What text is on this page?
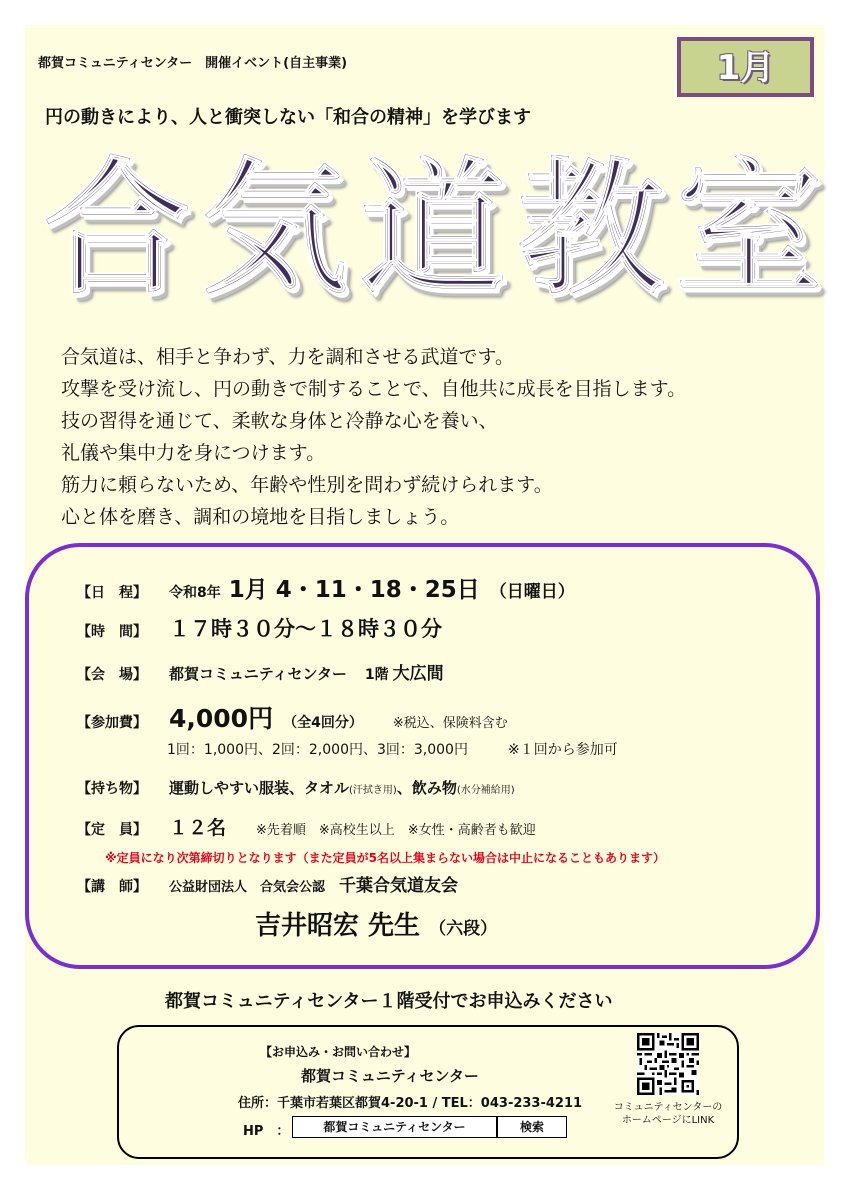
都賀コミュニティセンター　開催イベント(自主事業)	1月
円の動きにより、人と衝突しない「和合の精神」を学びます
合気道教室
合気道は、相手と争わず、力を調和させる武道です。
攻撃を受け流し、円の動きで制することで、自他共に成長を目指します。
技の習得を通じて、柔軟な身体と冷静な心を養い、
礼儀や集中力を身につけます。
筋力に頼らないため、年齢や性別を問わず続けられます。
心と体を磨き、調和の境地を目指しましょう。
【日　程】	令和8年 1月 4・11・18・25日 （日曜日）
【時　間】	１７時３０分～１８時３０分
【会　場】	都賀コミュニティセンター 1階 大広間
【参加費】 4,000円 （全4回分） ※税込、保険料含む
1回：1,000円、2回：2,000円、3回：3,000円	※１回から参加可
【持ち物】	運動しやすい服装、タオル (汗拭き用) 、飲み物 (水分補給用)
【定　員】	１２名 ※先着順　※高校生以上　※女性・高齢者も歓迎
※定員になり次第締切りとなります（また定員が5名以上集まらない場合は中止になることもあります）
【講　師】	公益財団法人　合気会公認 千葉合気道友会
吉井昭宏 先生 （六段）
都賀コミュニティセンター１階受付でお申込みください
【お申込み・お問い合わせ】
都賀コミュニティセンター
住所：千葉市若葉区都賀4-20-1 / TEL：043-233-4211
HP　：	都賀コミュニティセンター	検索
コミュニティセンターの
ホームページにLINK
